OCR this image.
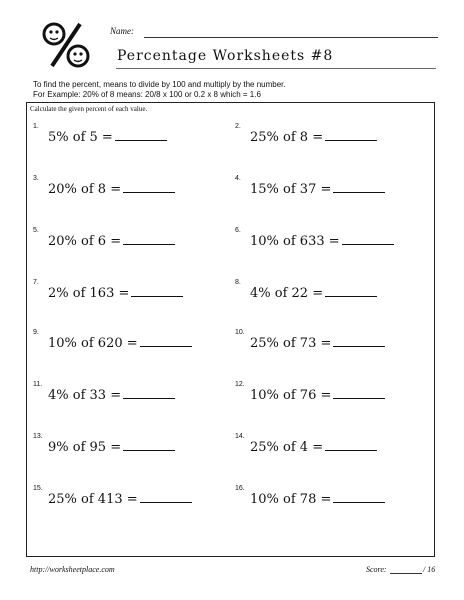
Name:
Percentage Worksheets #8
To find the percent, means to divide by 100 and multiply by the number.
For Example: 20% of 8 means: 20/8 x 100 or 0.2 x 8 which = 1.6
Calculate the given percent of each value.
1.
5% of 5 =
3.
20% of 8 =
5.
20% of 6 =
7.
2% of 163 =
9.
10% of 620 =
11.
4% of 33 =
13.
9% of 95 =
15.
25% of 413 =
2.
25% of 8 =
4.
15% of 37 =
6.
10% of 633 =
8.
4% of 22 =
10.
25% of 73 =
12.
10% of 76 =
14.
25% of 4 =
16.
10% of 78 =
http://worksheetplace.com	Score:	/ 16
